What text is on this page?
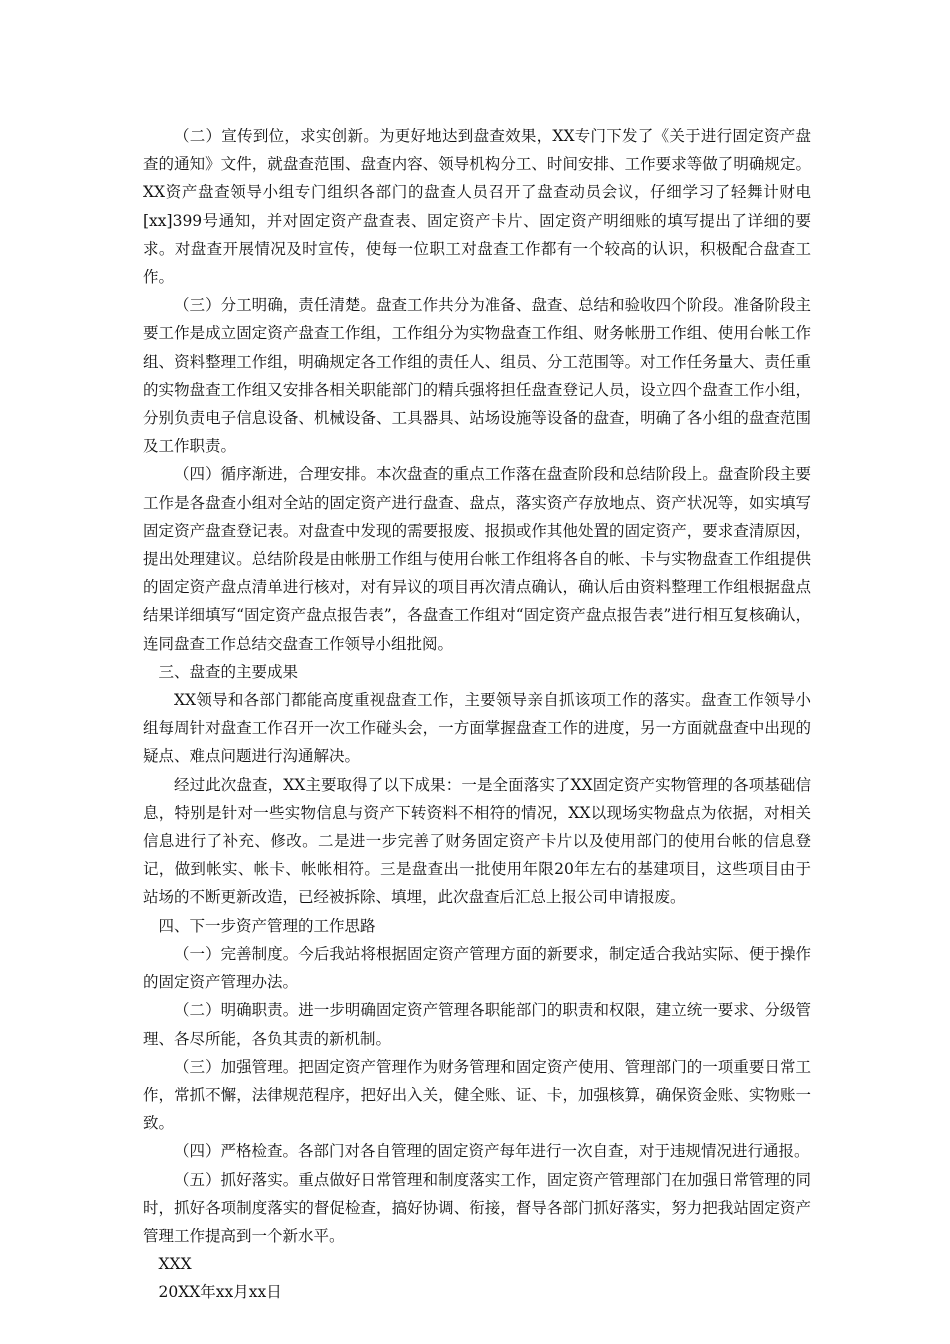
（二）宣传到位，求实创新。为更好地达到盘查效果，XX专门下发了《关于进行固定资产盘查的通知》文件，就盘查范围、盘查内容、领导机构分工、时间安排、工作要求等做了明确规定。XX资产盘查领导小组专门组织各部门的盘查人员召开了盘查动员会议，仔细学习了轻舞计财电[xx]399号通知，并对固定资产盘查表、固定资产卡片、固定资产明细账的填写提出了详细的要求。对盘查开展情况及时宣传，使每一位职工对盘查工作都有一个较高的认识，积极配合盘查工作。

（三）分工明确，责任清楚。盘查工作共分为准备、盘查、总结和验收四个阶段。准备阶段主要工作是成立固定资产盘查工作组，工作组分为实物盘查工作组、财务帐册工作组、使用台帐工作组、资料整理工作组，明确规定各工作组的责任人、组员、分工范围等。对工作任务量大、责任重的实物盘查工作组又安排各相关职能部门的精兵强将担任盘查登记人员，设立四个盘查工作小组，分别负责电子信息设备、机械设备、工具器具、站场设施等设备的盘查，明确了各小组的盘查范围及工作职责。

（四）循序渐进，合理安排。本次盘查的重点工作落在盘查阶段和总结阶段上。盘查阶段主要工作是各盘查小组对全站的固定资产进行盘查、盘点，落实资产存放地点、资产状况等，如实填写固定资产盘查登记表。对盘查中发现的需要报废、报损或作其他处置的固定资产，要求查清原因，提出处理建议。总结阶段是由帐册工作组与使用台帐工作组将各自的帐、卡与实物盘查工作组提供的固定资产盘点清单进行核对，对有异议的项目再次清点确认，确认后由资料整理工作组根据盘点结果详细填写“固定资产盘点报告表”，各盘查工作组对“固定资产盘点报告表”进行相互复核确认，连同盘查工作总结交盘查工作领导小组批阅。

三、盘查的主要成果

XX领导和各部门都能高度重视盘查工作，主要领导亲自抓该项工作的落实。盘查工作领导小组每周针对盘查工作召开一次工作碰头会，一方面掌握盘查工作的进度，另一方面就盘查中出现的疑点、难点问题进行沟通解决。

经过此次盘查，XX主要取得了以下成果：一是全面落实了XX固定资产实物管理的各项基础信息，特别是针对一些实物信息与资产下转资料不相符的情况，XX以现场实物盘点为依据，对相关信息进行了补充、修改。二是进一步完善了财务固定资产卡片以及使用部门的使用台帐的信息登记，做到帐实、帐卡、帐帐相符。三是盘查出一批使用年限20年左右的基建项目，这些项目由于站场的不断更新改造，已经被拆除、填埋，此次盘查后汇总上报公司申请报废。

四、下一步资产管理的工作思路

（一）完善制度。今后我站将根据固定资产管理方面的新要求，制定适合我站实际、便于操作的固定资产管理办法。

（二）明确职责。进一步明确固定资产管理各职能部门的职责和权限，建立统一要求、分级管理、各尽所能，各负其责的新机制。

（三）加强管理。把固定资产管理作为财务管理和固定资产使用、管理部门的一项重要日常工作，常抓不懈，法律规范程序，把好出入关，健全账、证、卡，加强核算，确保资金账、实物账一致。

（四）严格检查。各部门对各自管理的固定资产每年进行一次自查，对于违规情况进行通报。

（五）抓好落实。重点做好日常管理和制度落实工作，固定资产管理部门在加强日常管理的同时，抓好各项制度落实的督促检查，搞好协调、衔接，督导各部门抓好落实，努力把我站固定资产管理工作提高到一个新水平。

XXX

20XX年xx月xx日
